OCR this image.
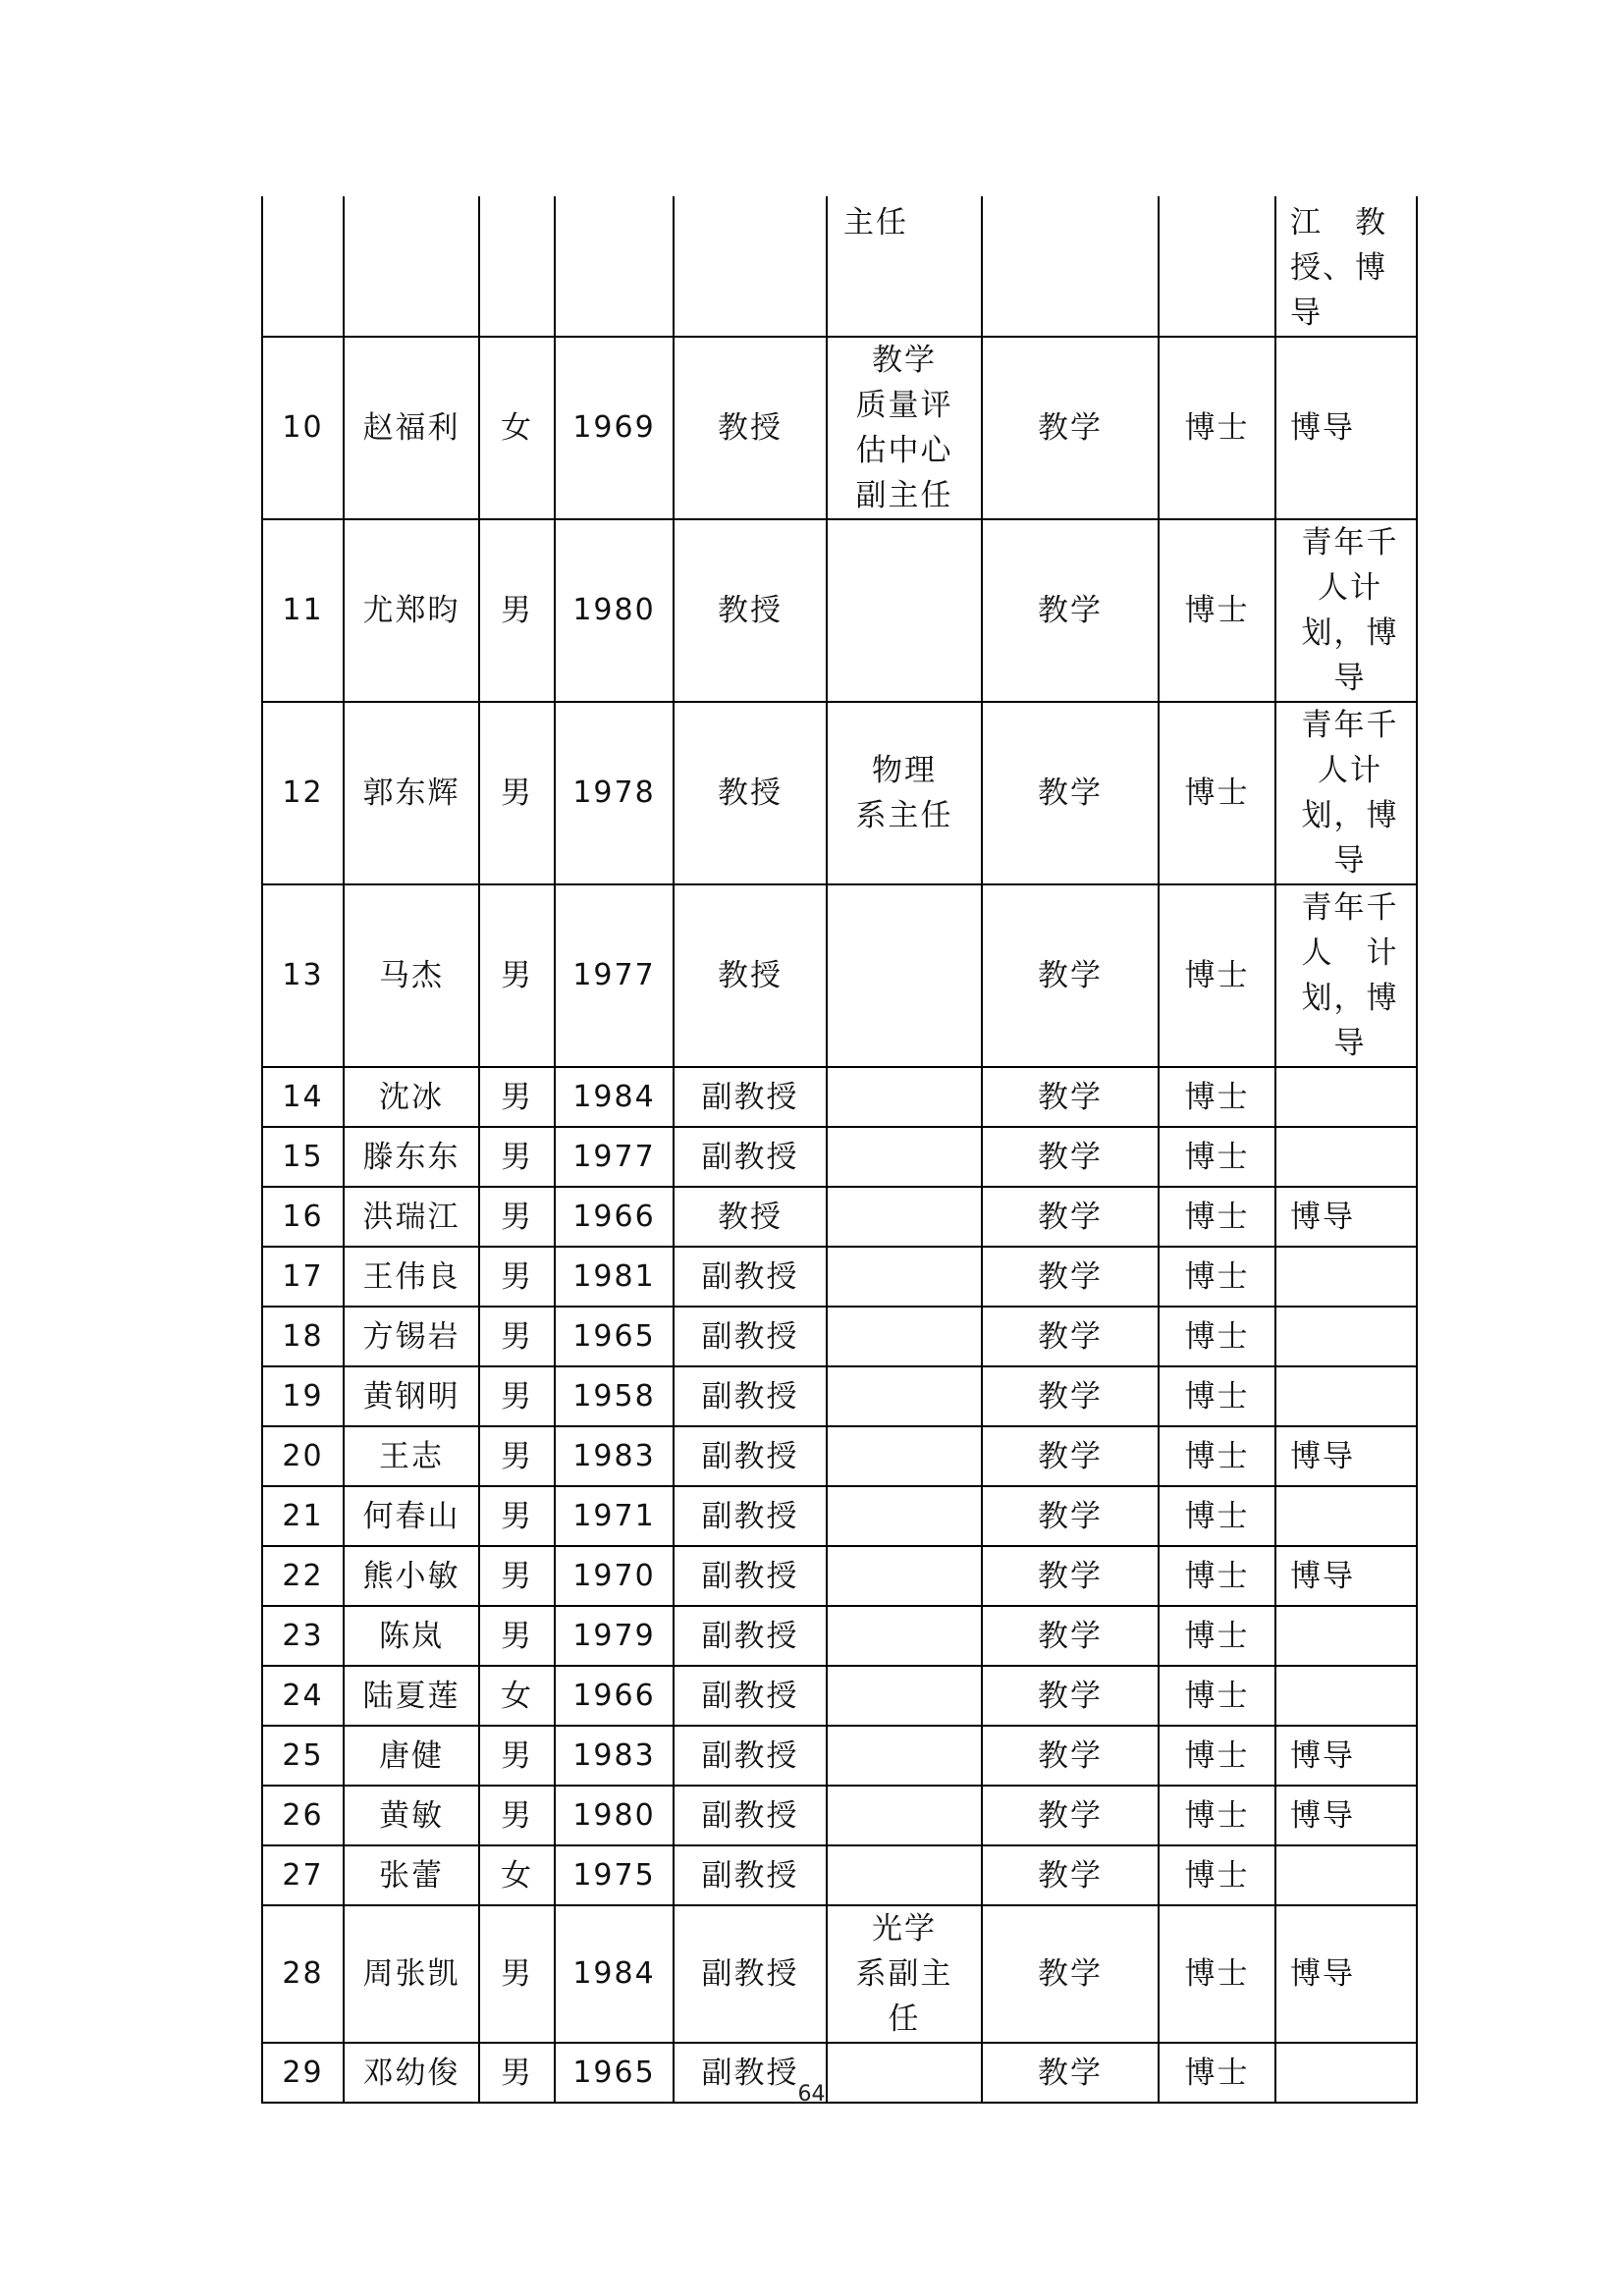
					主任			江　教
授、博
导

10	赵福利	女	1969	教授	教学
质量评
估中心
副主任	教学	博士	博导

11	尤郑昀	男	1980	教授		教学	博士	青年千
人计
划，博
导

12	郭东辉	男	1978	教授	物理
系主任	教学	博士	青年千
人计
划，博
导

13	马杰	男	1977	教授		教学	博士	青年千
人　计
划，博
导

14	沈冰	男	1984	副教授		教学	博士	
15	滕东东	男	1977	副教授		教学	博士	
16	洪瑞江	男	1966	教授		教学	博士	博导

17	王伟良	男	1981	副教授		教学	博士	
18	方锡岩	男	1965	副教授		教学	博士	
19	黄钢明	男	1958	副教授		教学	博士	
20	王志	男	1983	副教授		教学	博士	博导

21	何春山	男	1971	副教授		教学	博士	
22	熊小敏	男	1970	副教授		教学	博士	博导

23	陈岚	男	1979	副教授		教学	博士	
24	陆夏莲	女	1966	副教授		教学	博士	
25	唐健	男	1983	副教授		教学	博士	博导

26	黄敏	男	1980	副教授		教学	博士	博导

27	张蕾	女	1975	副教授		教学	博士	
28	周张凯	男	1984	副教授	光学
系副主
任	教学	博士	博导

29	邓幼俊	男	1965	副教授		教学	博士	
64
